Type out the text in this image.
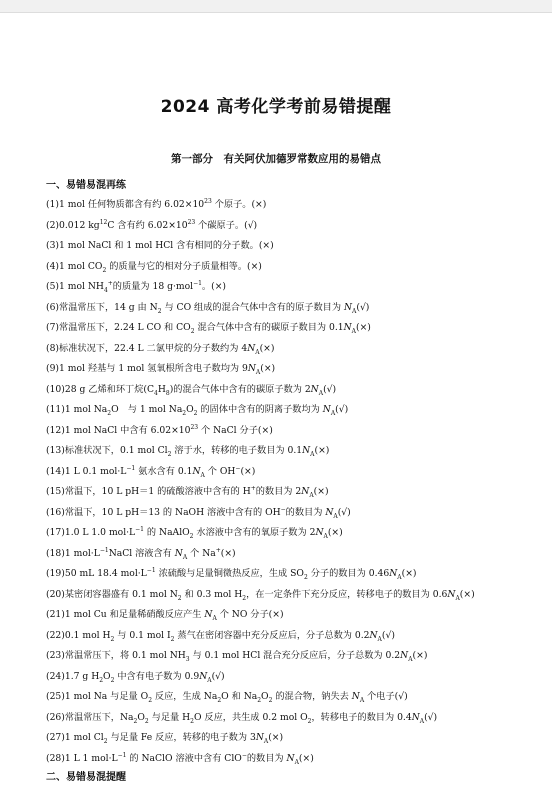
2024 高考化学考前易错提醒
第一部分　有关阿伏加德罗常数应用的易错点
一、易错易混再练
(1)1 mol 任何物质都含有约 $6.02\times 10^{23}$ 个原子。(×)
(2)0.012 $kg^{12}C$ 含有约 $6.02\times 10^{23}$ 个碳原子。(√)
(3)1 mol NaCl 和 1 mol HCl 含有相同的分子数。(×)
(4)1 mol $CO_2$ 的质量与它的相对分子质量相等。(×)
(5)1 mol $NH_4^+$的质量为 18 g·mol$^{-1}$。(×)
(6)常温常压下，14 g 由 $N_2$ 与 CO 组成的混合气体中含有的原子数目为 $N_A(√)$
(7)常温常压下，2.24 L CO 和 $CO_2$ 混合气体中含有的碳原子数目为 $0.1N_A(\times)$
(8)标准状况下，22.4 L 二氯甲烷的分子数约为 $4N_A(\times)$
(9)1 mol 羟基与 1 mol 氢氧根所含电子数均为 $9N_A(\times)$
(10)28 g 乙烯和环丁烷$(C_4H_8)$的混合气体中含有的碳原子数为 $2N_A(√)$
(11)1 mol $Na_2O$　与 1 mol $Na_2O_2$ 的固体中含有的阴离子数均为 $N_A(√)$
(12)1 mol NaCl 中含有 $6.02\times 10^{23}$ 个 NaCl 分子(×)
(13)标准状况下，0.1 mol $Cl_2$ 溶于水，转移的电子数目为 $0.1N_A(\times)$
(14)1 L 0.1 $mol\cdot L^{-1}$ 氨水含有 $0.1N_A$ 个 OH−(×)
(15)常温下，10 L pH＝1 的硫酸溶液中含有的 H+的数目为 $2N_A(\times)$
(16)常温下，10 L pH＝13 的 NaOH 溶液中含有的 OH−的数目为 $N_A(√)$
(17)1.0 L 1.0 $mol\cdot L^{-1}$ 的 NaAlO$_2$ 水溶液中含有的氧原子数为 $2N_A(\times)$
(18)1 $mol\cdot L^{-1}NaCl$ 溶液含有 $N_A$ 个 Na+(×)
(19)50 mL 18.4 $mol\cdot L^{-1}$ 浓硫酸与足量铜微热反应，生成 $SO_2$ 分子的数目为 $0.46N_A(\times)$
(20)某密闭容器盛有 0.1 mol $N_2$ 和 0.3 mol $H_2$，在一定条件下充分反应，转移电子的数目为 $0.6N_A(\times)$
(21)1 mol Cu 和足量稀硝酸反应产生 $N_A$ 个 NO 分子(×)
(22)0.1 mol $H_2$ 与 0.1 mol $I_2$ 蒸气在密闭容器中充分反应后，分子总数为 $0.2N_A(√)$
(23)常温常压下，将 0.1 mol $NH_3$ 与 0.1 mol HCl 混合充分反应后，分子总数为 $0.2N_A(\times)$
(24)1.7 g $H_2O_2$ 中含有电子数为 $0.9N_A(√)$
(25)1 mol Na 与足量 $O_2$ 反应，生成 $Na_2O$ 和 $Na_2O_2$ 的混合物，钠失去 $N_A$ 个电子(√)
(26)常温常压下，$Na_2O_2$ 与足量 $H_2O$ 反应，共生成 0.2 mol $O_2$，转移电子的数目为 $0.4N_A(√)$
(27)1 mol $Cl_2$ 与足量 Fe 反应，转移的电子数为 $3N_A(\times)$
(28)1 L 1 $mol\cdot L^{-1}$ 的 NaClO 溶液中含有 ClO−的数目为 $N_A(\times)$
二、易错易混提醒
